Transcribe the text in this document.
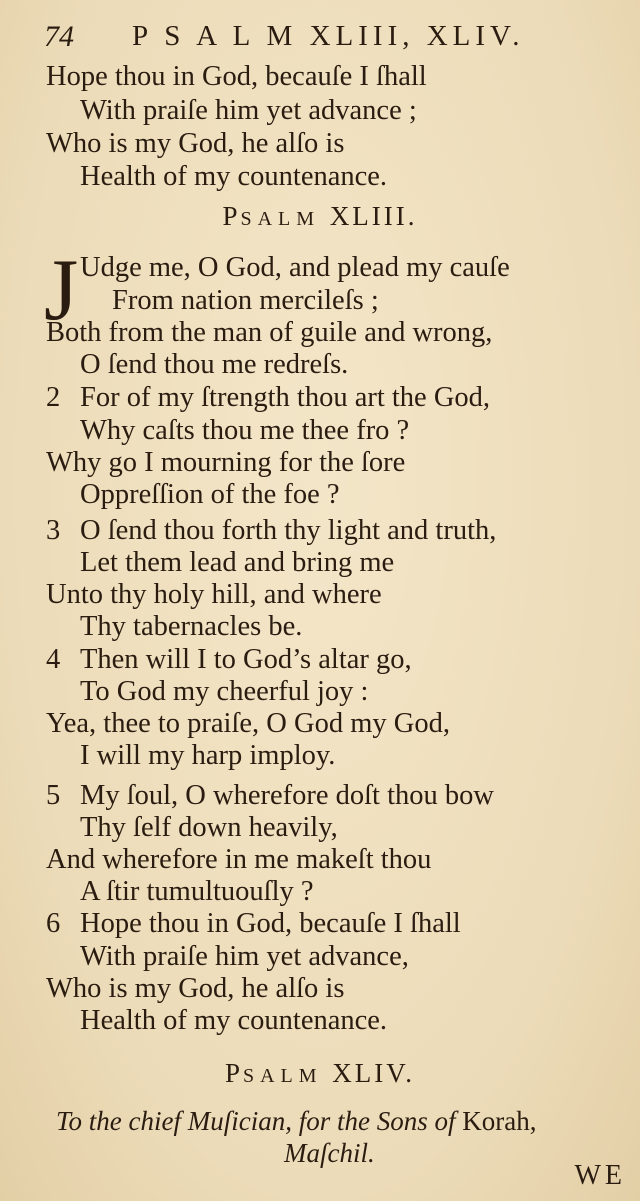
74 P S A L M XLIII, XLIV.
Hope thou in God, becauſe I ſhall
With praiſe him yet advance ;
Who is my God, he alſo is
Health of my countenance.
PSALM XLIII.
J Udge me, O God, and plead my cauſe
From nation mercileſs ;
Both from the man of guile and wrong,
O ſend thou me redreſs.
2 For of my ſtrength thou art the God,
Why caſts thou me thee fro ?
Why go I mourning for the ſore
Oppreſſion of the foe ?
3 O ſend thou forth thy light and truth,
Let them lead and bring me
Unto thy holy hill, and where
Thy tabernacles be.
4 Then will I to God’s altar go,
To God my cheerful joy :
Yea, thee to praiſe, O God my God,
I will my harp imploy.
5 My ſoul, O wherefore doſt thou bow
Thy ſelf down heavily,
And wherefore in me makeſt thou
A ſtir tumultuouſly ?
6 Hope thou in God, becauſe I ſhall
With praiſe him yet advance,
Who is my God, he alſo is
Health of my countenance.
PSALM XLIV.
To the chief Muſician, for the Sons of Korah,
Maſchil.
WE
